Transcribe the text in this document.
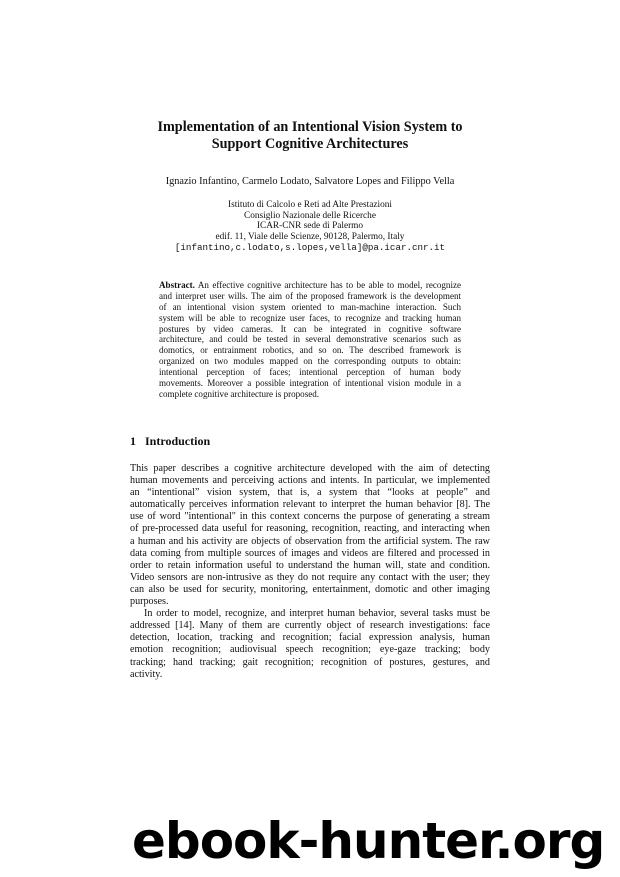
Implementation of an Intentional Vision System to
Support Cognitive Architectures
Ignazio Infantino, Carmelo Lodato, Salvatore Lopes and Filippo Vella
Istituto di Calcolo e Reti ad Alte Prestazioni
Consiglio Nazionale delle Ricerche
ICAR-CNR sede di Palermo
edif. 11, Viale delle Scienze, 90128, Palermo, Italy
[infantino,c.lodato,s.lopes,vella]@pa.icar.cnr.it
Abstract. An effective cognitive architecture has to be able to model, recognize
and interpret user wills. The aim of the proposed framework is the development
of an intentional vision system oriented to man-machine interaction. Such
system will be able to recognize user faces, to recognize and tracking human
postures by video cameras. It can be integrated in cognitive software
architecture, and could be tested in several demonstrative scenarios such as
domotics, or entrainment robotics, and so on. The described framework is
organized on two modules mapped on the corresponding outputs to obtain:
intentional perception of faces; intentional perception of human body
movements. Moreover a possible integration of intentional vision module in a
complete cognitive architecture is proposed.
1 Introduction
This paper describes a cognitive architecture developed with the aim of detecting
human movements and perceiving actions and intents. In particular, we implemented
an “intentional” vision system, that is, a system that “looks at people” and
automatically perceives information relevant to interpret the human behavior [8]. The
use of word "intentional" in this context concerns the purpose of generating a stream
of pre-processed data useful for reasoning, recognition, reacting, and interacting when
a human and his activity are objects of observation from the artificial system. The raw
data coming from multiple sources of images and videos are filtered and processed in
order to retain information useful to understand the human will, state and condition.
Video sensors are non-intrusive as they do not require any contact with the user; they
can also be used for security, monitoring, entertainment, domotic and other imaging
purposes.
In order to model, recognize, and interpret human behavior, several tasks must be
addressed [14]. Many of them are currently object of research investigations: face
detection, location, tracking and recognition; facial expression analysis, human
emotion recognition; audiovisual speech recognition; eye-gaze tracking; body
tracking; hand tracking; gait recognition; recognition of postures, gestures, and
activity.
ebook-hunter.org
